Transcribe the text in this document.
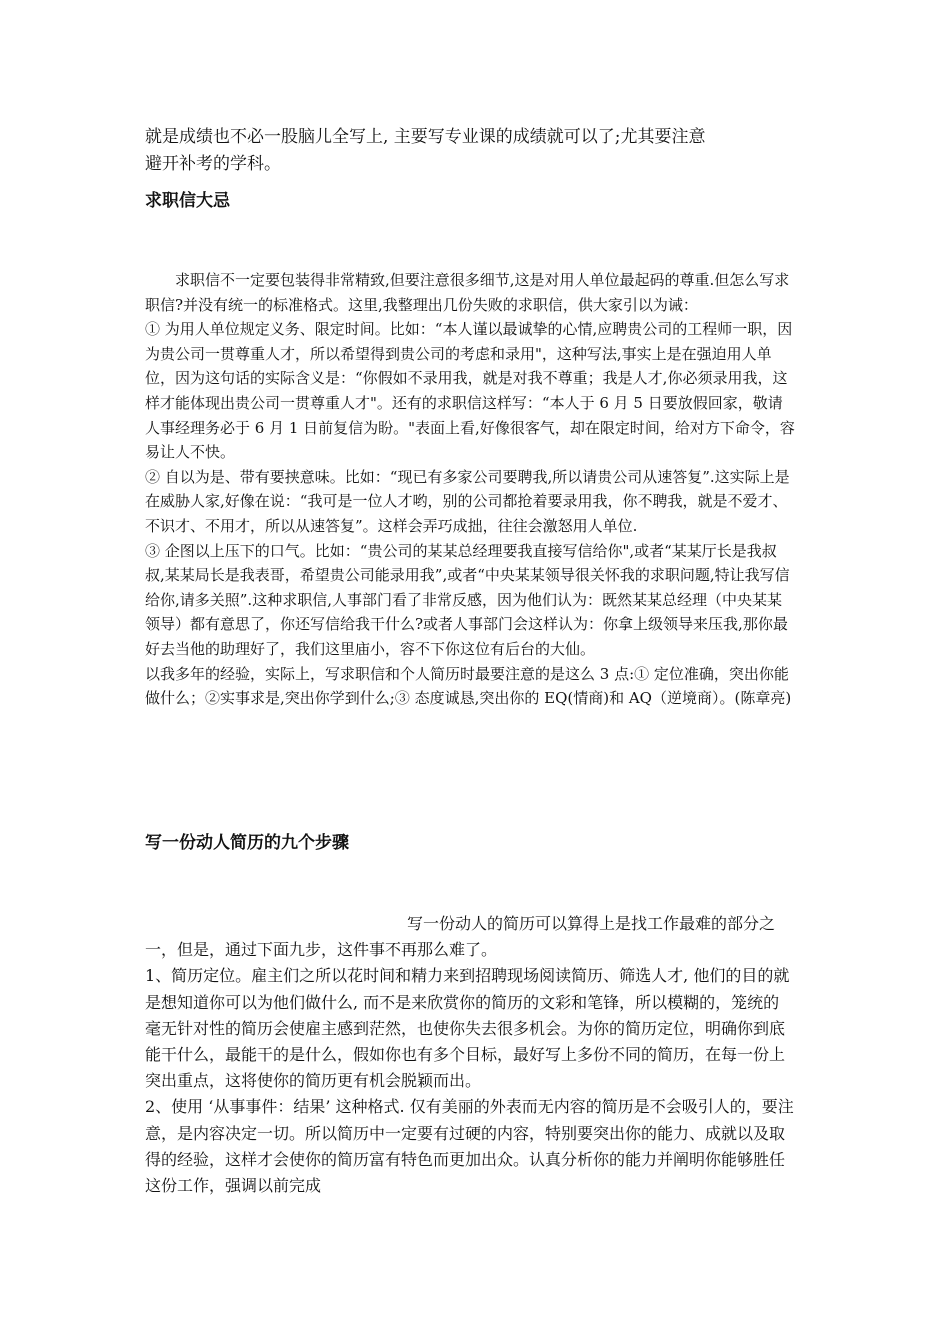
就是成绩也不必一股脑儿全写上, 主要写专业课的成绩就可以了;尤其要注意

避开补考的学科。

求职信大忌

求职信不一定要包装得非常精致,但要注意很多细节,这是对用人单位最起码的尊重.但怎么写求职信?并没有统一的标准格式。这里,我整理出几份失败的求职信，供大家引以为诫：

① 为用人单位规定义务、限定时间。比如：“本人谨以最诚挚的心情,应聘贵公司的工程师一职，因为贵公司一贯尊重人才，所以希望得到贵公司的考虑和录用"，这种写法,事实上是在强迫用人单位，因为这句话的实际含义是：“你假如不录用我，就是对我不尊重；我是人才,你必须录用我，这样才能体现出贵公司一贯尊重人才"。还有的求职信这样写：“本人于 6 月 5 日要放假回家，敬请人事经理务必于 6 月 1 日前复信为盼。"表面上看,好像很客气，却在限定时间，给对方下命令，容易让人不快。

② 自以为是、带有要挟意味。比如：“现已有多家公司要聘我,所以请贵公司从速答复”.这实际上是在威胁人家,好像在说：“我可是一位人才哟，别的公司都抢着要录用我，你不聘我，就是不爱才、不识才、不用才，所以从速答复”。这样会弄巧成拙，往往会激怒用人单位.

③ 企图以上压下的口气。比如：“贵公司的某某总经理要我直接写信给你",或者“某某厅长是我叔叔,某某局长是我表哥，希望贵公司能录用我”,或者“中央某某领导很关怀我的求职问题,特让我写信给你,请多关照”.这种求职信,人事部门看了非常反感，因为他们认为：既然某某总经理（中央某某领导）都有意思了，你还写信给我干什么?或者人事部门会这样认为：你拿上级领导来压我,那你最好去当他的助理好了，我们这里庙小，容不下你这位有后台的大仙。

以我多年的经验，实际上，写求职信和个人简历时最要注意的是这么 3 点:① 定位准确，突出你能做什么；②实事求是,突出你学到什么;③ 态度诚恳,突出你的 EQ(情商)和 AQ（逆境商）。(陈章亮)

写一份动人简历的九个步骤

写一份动人的简历可以算得上是找工作最难的部分之一，但是，通过下面九步，这件事不再那么难了。

1、简历定位。雇主们之所以花时间和精力来到招聘现场阅读简历、筛选人才, 他们的目的就是想知道你可以为他们做什么, 而不是来欣赏你的简历的文彩和笔锋，所以模糊的，笼统的毫无针对性的简历会使雇主感到茫然，也使你失去很多机会。为你的简历定位，明确你到底能干什么，最能干的是什么，假如你也有多个目标，最好写上多份不同的简历，在每一份上突出重点，这将使你的简历更有机会脱颖而出。

2、使用 ‘从事事件：结果’ 这种格式. 仅有美丽的外表而无内容的简历是不会吸引人的，要注意，是内容决定一切。所以简历中一定要有过硬的内容，特别要突出你的能力、成就以及取得的经验，这样才会使你的简历富有特色而更加出众。认真分析你的能力并阐明你能够胜任这份工作，强调以前完成
